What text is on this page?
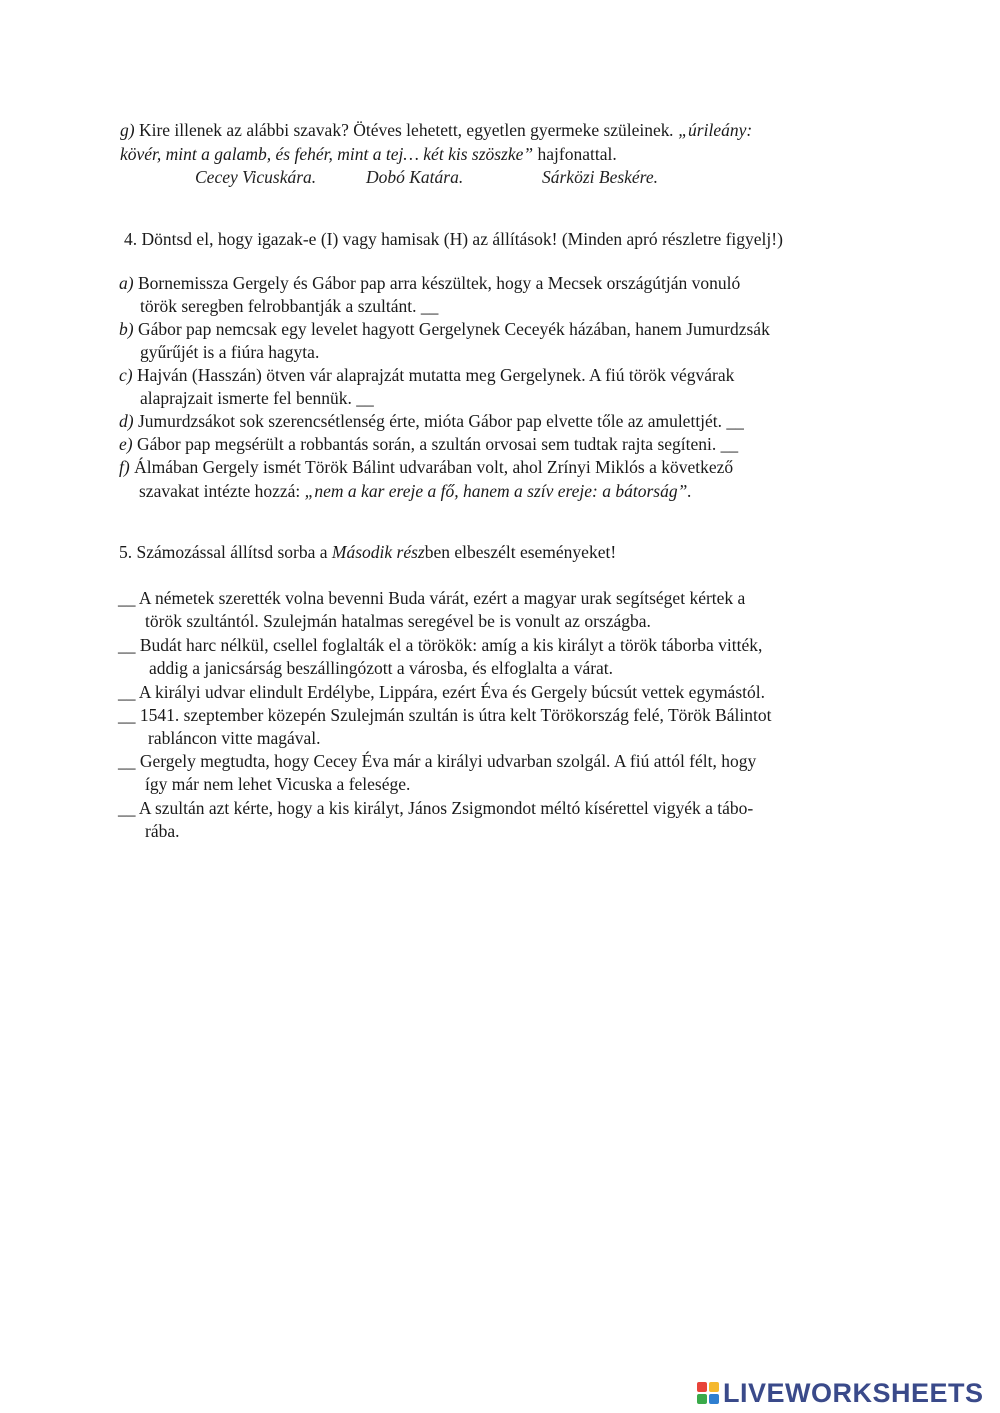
g) Kire illenek az alábbi szavak? Ötéves lehetett, egyetlen gyermeke szüleinek. „úrileány:
kövér, mint a galamb, és fehér, mint a tej… két kis szöszke” hajfonattal.
Cecey Vicuskára.	Dobó Katára.	Sárközi Beskére.
4. Döntsd el, hogy igazak-e (I) vagy hamisak (H) az állítások! (Minden apró részletre figyelj!)
a) Bornemissza Gergely és Gábor pap arra készültek, hogy a Mecsek országútján vonuló
török seregben felrobbantják a szultánt. __
b) Gábor pap nemcsak egy levelet hagyott Gergelynek Ceceyék házában, hanem Jumurdzsák
gyűrűjét is a fiúra hagyta.
c) Hajván (Hasszán) ötven vár alaprajzát mutatta meg Gergelynek. A fiú török végvárak
alaprajzait ismerte fel bennük. __
d) Jumurdzsákot sok szerencsétlenség érte, mióta Gábor pap elvette tőle az amulettjét. __
e) Gábor pap megsérült a robbantás során, a szultán orvosai sem tudtak rajta segíteni. __
f) Álmában Gergely ismét Török Bálint udvarában volt, ahol Zrínyi Miklós a következő
szavakat intézte hozzá: „nem a kar ereje a fő, hanem a szív ereje: a bátorság”.
5. Számozással állítsd sorba a Második részben elbeszélt eseményeket!
__ A németek szerették volna bevenni Buda várát, ezért a magyar urak segítséget kértek a
török szultántól. Szulejmán hatalmas seregével be is vonult az országba.
__ Budát harc nélkül, csellel foglalták el a törökök: amíg a kis királyt a török táborba vitték,
addig a janicsárság beszállingózott a városba, és elfoglalta a várat.
__ A királyi udvar elindult Erdélybe, Lippára, ezért Éva és Gergely búcsút vettek egymástól.
__ 1541. szeptember közepén Szulejmán szultán is útra kelt Törökország felé, Török Bálintot
rabláncon vitte magával.
__ Gergely megtudta, hogy Cecey Éva már a királyi udvarban szolgál. A fiú attól félt, hogy
így már nem lehet Vicuska a felesége.
__ A szultán azt kérte, hogy a kis királyt, János Zsigmondot méltó kísérettel vigyék a tábo-
rába.
LIVEWORKSHEETS
